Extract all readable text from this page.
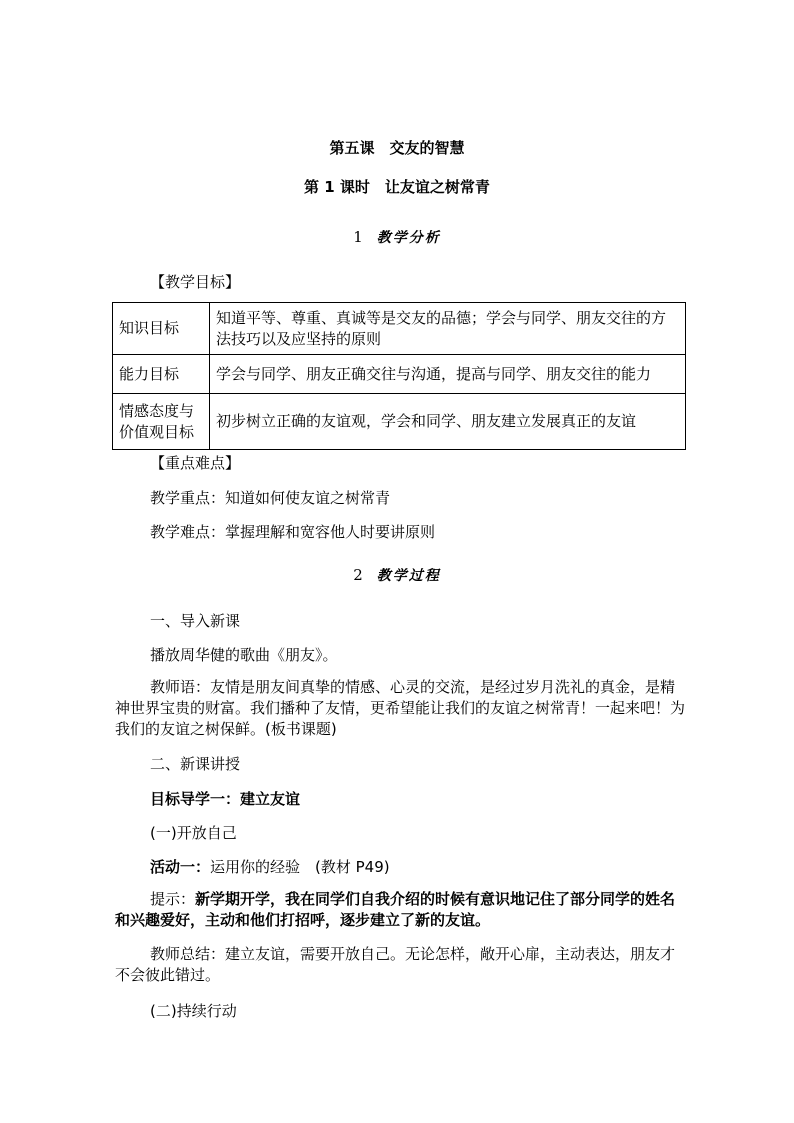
第五课　交友的智慧
第 1 课时　让友谊之树常青
1 教学分析
【教学目标】
知识目标	知道平等、尊重、真诚等是交友的品德；学会与同学、朋友交往的方法技巧以及应坚持的原则
能力目标	学会与同学、朋友正确交往与沟通，提高与同学、朋友交往的能力
情感态度与价值观目标	初步树立正确的友谊观，学会和同学、朋友建立发展真正的友谊
【重点难点】
教学重点：知道如何使友谊之树常青
教学难点：掌握理解和宽容他人时要讲原则
2 教学过程
一、导入新课
播放周华健的歌曲《朋友》。
教师语：友情是朋友间真挚的情感、心灵的交流，是经过岁月洗礼的真金，是精神世界宝贵的财富。我们播种了友情，更希望能让我们的友谊之树常青！一起来吧！为我们的友谊之树保鲜。(板书课题)
二、新课讲授
目标导学一：建立友谊
(一)开放自己
活动一：运用你的经验　(教材 P49)
提示：新学期开学，我在同学们自我介绍的时候有意识地记住了部分同学的姓名和兴趣爱好，主动和他们打招呼，逐步建立了新的友谊。
教师总结：建立友谊，需要开放自己。无论怎样，敞开心扉，主动表达，朋友才不会彼此错过。
(二)持续行动
